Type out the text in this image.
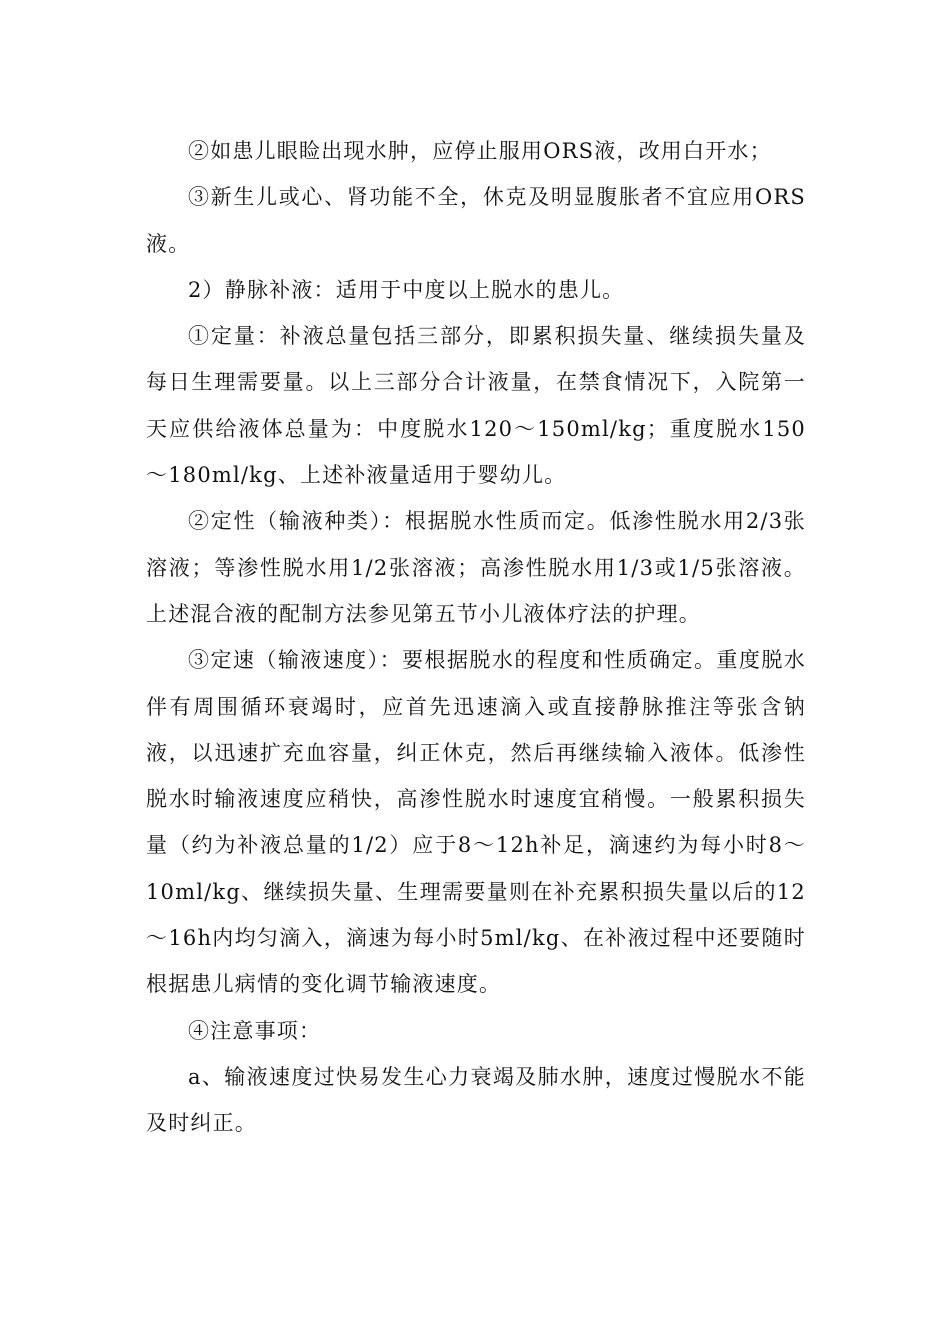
②如患儿眼睑出现水肿，应停止服用ORS液，改用白开水；

③新生儿或心、肾功能不全，休克及明显腹胀者不宜应用ORS液。

2）静脉补液：适用于中度以上脱水的患儿。

①定量：补液总量包括三部分，即累积损失量、继续损失量及每日生理需要量。以上三部分合计液量，在禁食情况下，入院第一天应供给液体总量为：中度脱水120～150ml/kg；重度脱水150～180ml/kg、上述补液量适用于婴幼儿。

②定性（输液种类）：根据脱水性质而定。低渗性脱水用2/3张溶液；等渗性脱水用1/2张溶液；高渗性脱水用1/3或1/5张溶液。上述混合液的配制方法参见第五节小儿液体疗法的护理。

③定速（输液速度）：要根据脱水的程度和性质确定。重度脱水伴有周围循环衰竭时，应首先迅速滴入或直接静脉推注等张含钠液，以迅速扩充血容量，纠正休克，然后再继续输入液体。低渗性脱水时输液速度应稍快，高渗性脱水时速度宜稍慢。一般累积损失量（约为补液总量的1/2）应于8～12h补足，滴速约为每小时8～10ml/kg、继续损失量、生理需要量则在补充累积损失量以后的12～16h内均匀滴入，滴速为每小时5ml/kg、在补液过程中还要随时根据患儿病情的变化调节输液速度。

④注意事项：

a、输液速度过快易发生心力衰竭及肺水肿，速度过慢脱水不能及时纠正。
